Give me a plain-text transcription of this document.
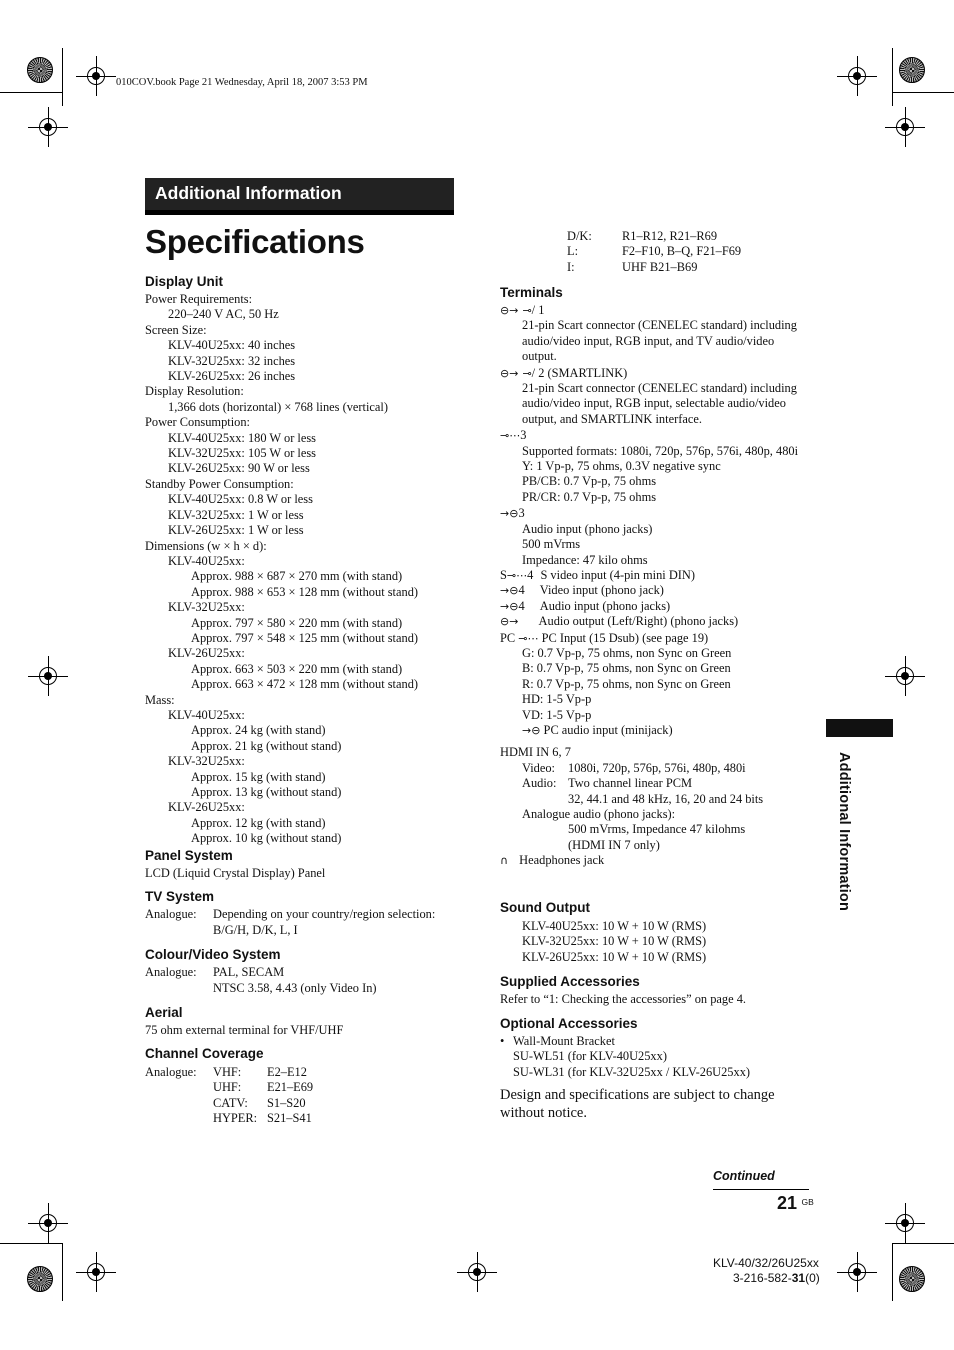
010COV.book Page 21 Wednesday, April 18, 2007 3:53 PM
Additional Information
Specifications
Display Unit
Power Requirements:
220–240 V AC, 50 Hz
Screen Size:
KLV-40U25xx: 40 inches
KLV-32U25xx: 32 inches
KLV-26U25xx: 26 inches
Display Resolution:
1,366 dots (horizontal) × 768 lines (vertical)
Power Consumption:
KLV-40U25xx: 180 W or less
KLV-32U25xx: 105 W or less
KLV-26U25xx: 90 W or less
Standby Power Consumption:
KLV-40U25xx: 0.8 W or less
KLV-32U25xx: 1 W or less
KLV-26U25xx: 1 W or less
Dimensions (w × h × d):
KLV-40U25xx:
Approx. 988 × 687 × 270 mm (with stand)
Approx. 988 × 653 × 128 mm (without stand)
KLV-32U25xx:
Approx. 797 × 580 × 220 mm (with stand)
Approx. 797 × 548 × 125 mm (without stand)
KLV-26U25xx:
Approx. 663 × 503 × 220 mm (with stand)
Approx. 663 × 472 × 128 mm (without stand)
Mass:
KLV-40U25xx:
Approx. 24 kg (with stand)
Approx. 21 kg (without stand)
KLV-32U25xx:
Approx. 15 kg (with stand)
Approx. 13 kg (without stand)
KLV-26U25xx:
Approx. 12 kg (with stand)
Approx. 10 kg (without stand)
Panel System
LCD (Liquid Crystal Display) Panel
TV System
Analogue: Depending on your country/region selection:
B/G/H, D/K, L, I
Colour/Video System
Analogue: PAL, SECAM
NTSC 3.58, 4.43 (only Video In)
Aerial
75 ohm external terminal for VHF/UHF
Channel Coverage
Analogue: VHF: E2–E12
UHF: E21–E69
CATV: S1–S20
HYPER: S21–S41
D/K: R1–R12, R21–R69
L:	F2–F10, B–Q, F21–F69
I:	UHF B21–B69
Terminals
⊖→ ⊸/ 1
21-pin Scart connector (CENELEC standard) including
audio/video input, RGB input, and TV audio/video
output.
⊖→ ⊸/ 2 (SMARTLINK)
21-pin Scart connector (CENELEC standard) including
audio/video input, RGB input, selectable audio/video
output, and SMARTLINK interface.
⊸⋯3
Supported formats: 1080i, 720p, 576p, 576i, 480p, 480i
Y: 1 Vp-p, 75 ohms, 0.3V negative sync
PB/CB: 0.7 Vp-p, 75 ohms
PR/CR: 0.7 Vp-p, 75 ohms
→⊖3
Audio input (phono jacks)
500 mVrms
Impedance: 47 kilo ohms
S⊸⋯4 S video input (4-pin mini DIN)
→⊖4 Video input (phono jack)
→⊖4 Audio input (phono jacks)
⊖→ Audio output (Left/Right) (phono jacks)
PC ⊸⋯ PC Input (15 Dsub) (see page 19)
G: 0.7 Vp-p, 75 ohms, non Sync on Green
B: 0.7 Vp-p, 75 ohms, non Sync on Green
R: 0.7 Vp-p, 75 ohms, non Sync on Green
HD: 1-5 Vp-p
VD: 1-5 Vp-p
→⊖ PC audio input (minijack)
HDMI IN 6, 7
Video: 1080i, 720p, 576p, 576i, 480p, 480i
Audio: Two channel linear PCM
32, 44.1 and 48 kHz, 16, 20 and 24 bits
Analogue audio (phono jacks):
500 mVrms, Impedance 47 kilohms
(HDMI IN 7 only)
∩ Headphones jack
Sound Output
KLV-40U25xx: 10 W + 10 W (RMS)
KLV-32U25xx: 10 W + 10 W (RMS)
KLV-26U25xx: 10 W + 10 W (RMS)
Supplied Accessories
Refer to “1: Checking the accessories” on page 4.
Optional Accessories
• Wall-Mount Bracket
SU-WL51 (for KLV-40U25xx)
SU-WL31 (for KLV-32U25xx / KLV-26U25xx)
Design and specifications are subject to change
without notice.
Additional Information
Continued
21 $^{GB}$
KLV-40/32/26U25xx
3-216-582-31(0)
